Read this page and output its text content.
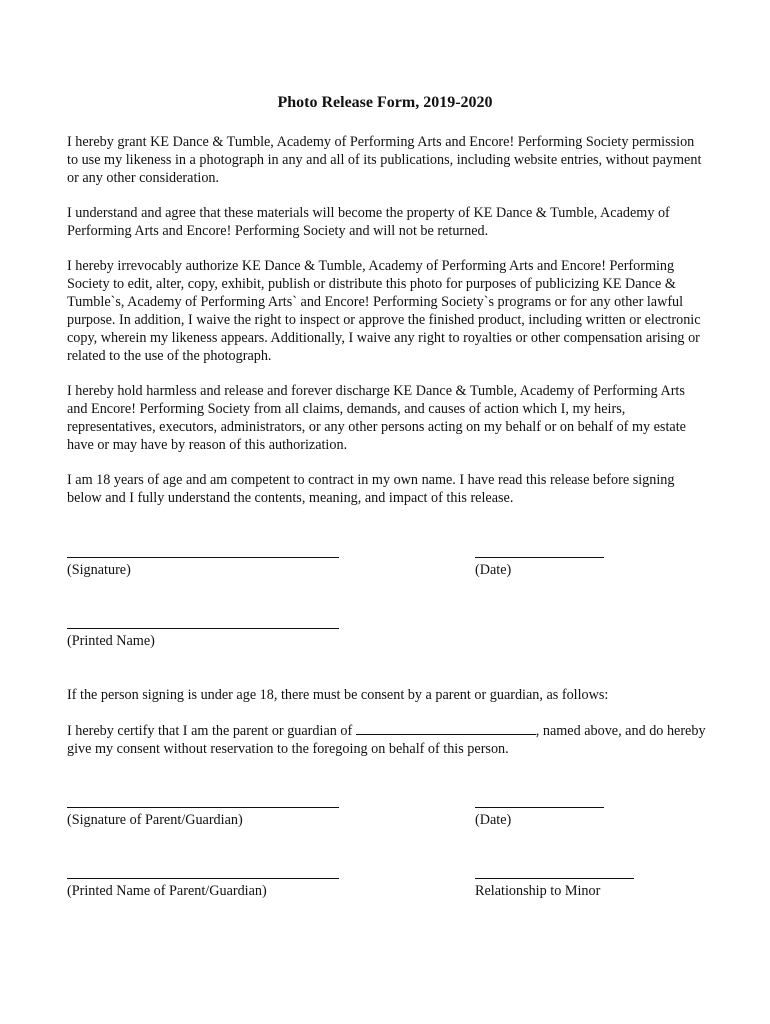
Photo Release Form, 2019-2020

I hereby grant KE Dance & Tumble, Academy of Performing Arts and Encore! Performing Society permission to use my likeness in a photograph in any and all of its publications, including website entries, without payment or any other consideration.

I understand and agree that these materials will become the property of KE Dance & Tumble, Academy of Performing Arts and Encore! Performing Society and will not be returned.

I hereby irrevocably authorize KE Dance & Tumble, Academy of Performing Arts and Encore! Performing Society to edit, alter, copy, exhibit, publish or distribute this photo for purposes of publicizing KE Dance & Tumble`s, Academy of Performing Arts` and Encore! Performing Society`s programs or for any other lawful purpose. In addition, I waive the right to inspect or approve the finished product, including written or electronic copy, wherein my likeness appears. Additionally, I waive any right to royalties or other compensation arising or related to the use of the photograph.

I hereby hold harmless and release and forever discharge KE Dance & Tumble, Academy of Performing Arts and Encore! Performing Society from all claims, demands, and causes of action which I, my heirs, representatives, executors, administrators, or any other persons acting on my behalf or on behalf of my estate have or may have by reason of this authorization.

I am 18 years of age and am competent to contract in my own name. I have read this release before signing below and I fully understand the contents, meaning, and impact of this release.

(Signature)	(Date)
(Printed Name)
If the person signing is under age 18, there must be consent by a parent or guardian, as follows:

I hereby certify that I am the parent or guardian of	, named above, and do hereby give my consent without reservation to the foregoing on behalf of this person.

(Signature of Parent/Guardian)	(Date)
(Printed Name of Parent/Guardian)	Relationship to Minor
